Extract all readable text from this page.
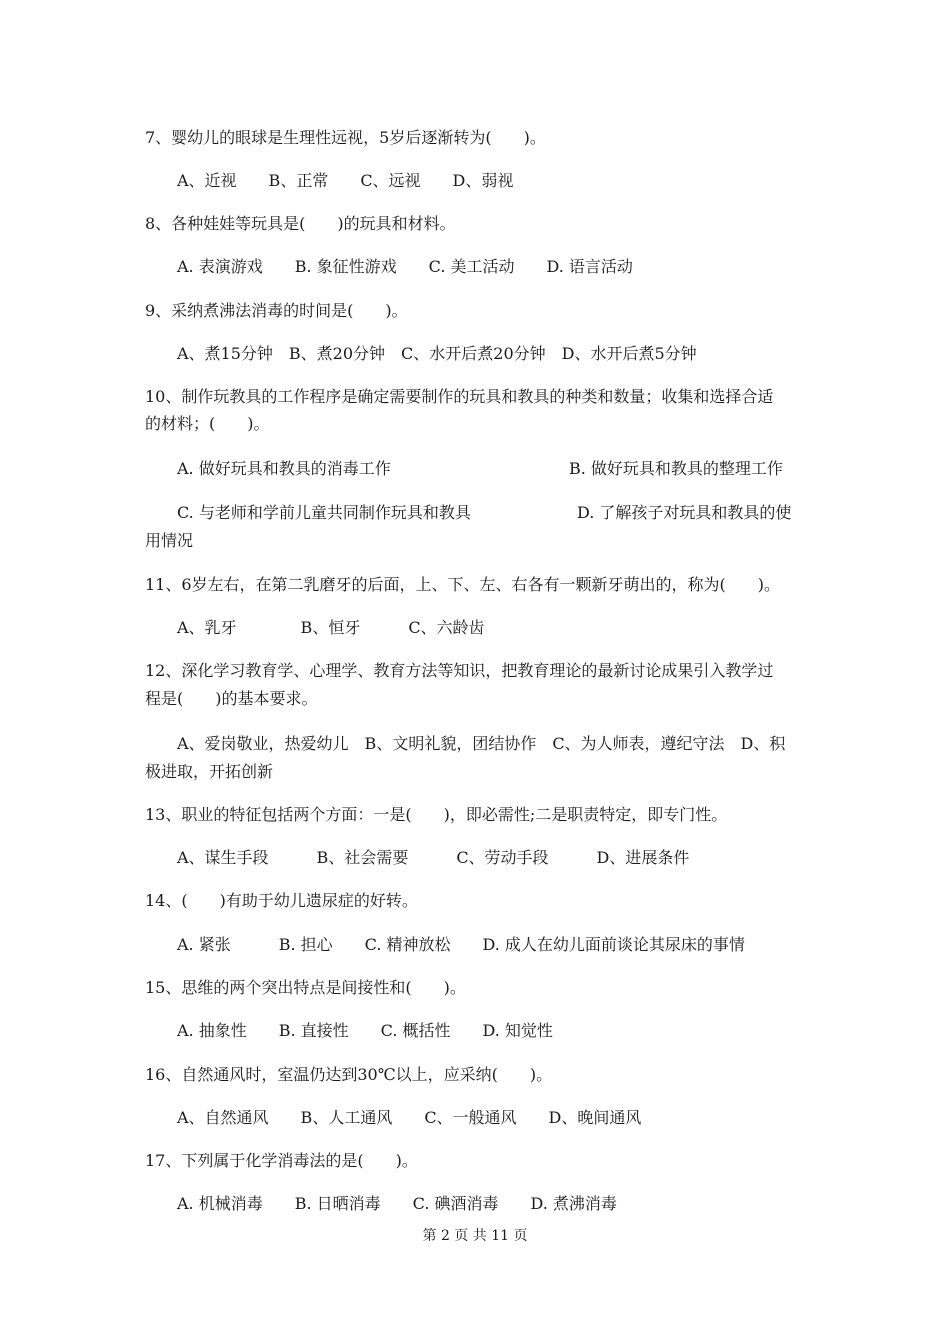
7、婴幼儿的眼球是生理性远视，5岁后逐渐转为(　　)。
A、近视　　B、正常　　C、远视　　D、弱视
8、各种娃娃等玩具是(　　)的玩具和材料。
A. 表演游戏　　B. 象征性游戏　　C. 美工活动　　D. 语言活动
9、采纳煮沸法消毒的时间是(　　)。
A、煮15分钟　B、煮20分钟　C、水开后煮20分钟　D、水开后煮5分钟
10、制作玩教具的工作程序是确定需要制作的玩具和教具的种类和数量；收集和选择合适
的材料；(　　)。
A. 做好玩具和教具的消毒工作	B. 做好玩具和教具的整理工作
C. 与老师和学前儿童共同制作玩具和教具	D. 了解孩子对玩具和教具的使
用情况
11、6岁左右，在第二乳磨牙的后面，上、下、左、右各有一颗新牙萌出的，称为(　　)。
A、乳牙　　　　B、恒牙　　　C、六龄齿
12、深化学习教育学、心理学、教育方法等知识，把教育理论的最新讨论成果引入教学过
程是(　　)的基本要求。
A、爱岗敬业，热爱幼儿　B、文明礼貌，团结协作　C、为人师表，遵纪守法　D、积
极进取，开拓创新
13、职业的特征包括两个方面：一是(　　)，即必需性;二是职责特定，即专门性。
A、谋生手段　　　B、社会需要　　　C、劳动手段　　　D、进展条件
14、(　　)有助于幼儿遗尿症的好转。
A. 紧张　　　B. 担心　　C. 精神放松　　D. 成人在幼儿面前谈论其尿床的事情
15、思维的两个突出特点是间接性和(　　)。
A. 抽象性　　B. 直接性　　C. 概括性　　D. 知觉性
16、自然通风时，室温仍达到30℃以上，应采纳(　　)。
A、自然通风　　B、人工通风　　C、一般通风　　D、晚间通风
17、下列属于化学消毒法的是(　　)。
A. 机械消毒　　B. 日晒消毒　　C. 碘酒消毒　　D. 煮沸消毒
第 2 页 共 11 页
